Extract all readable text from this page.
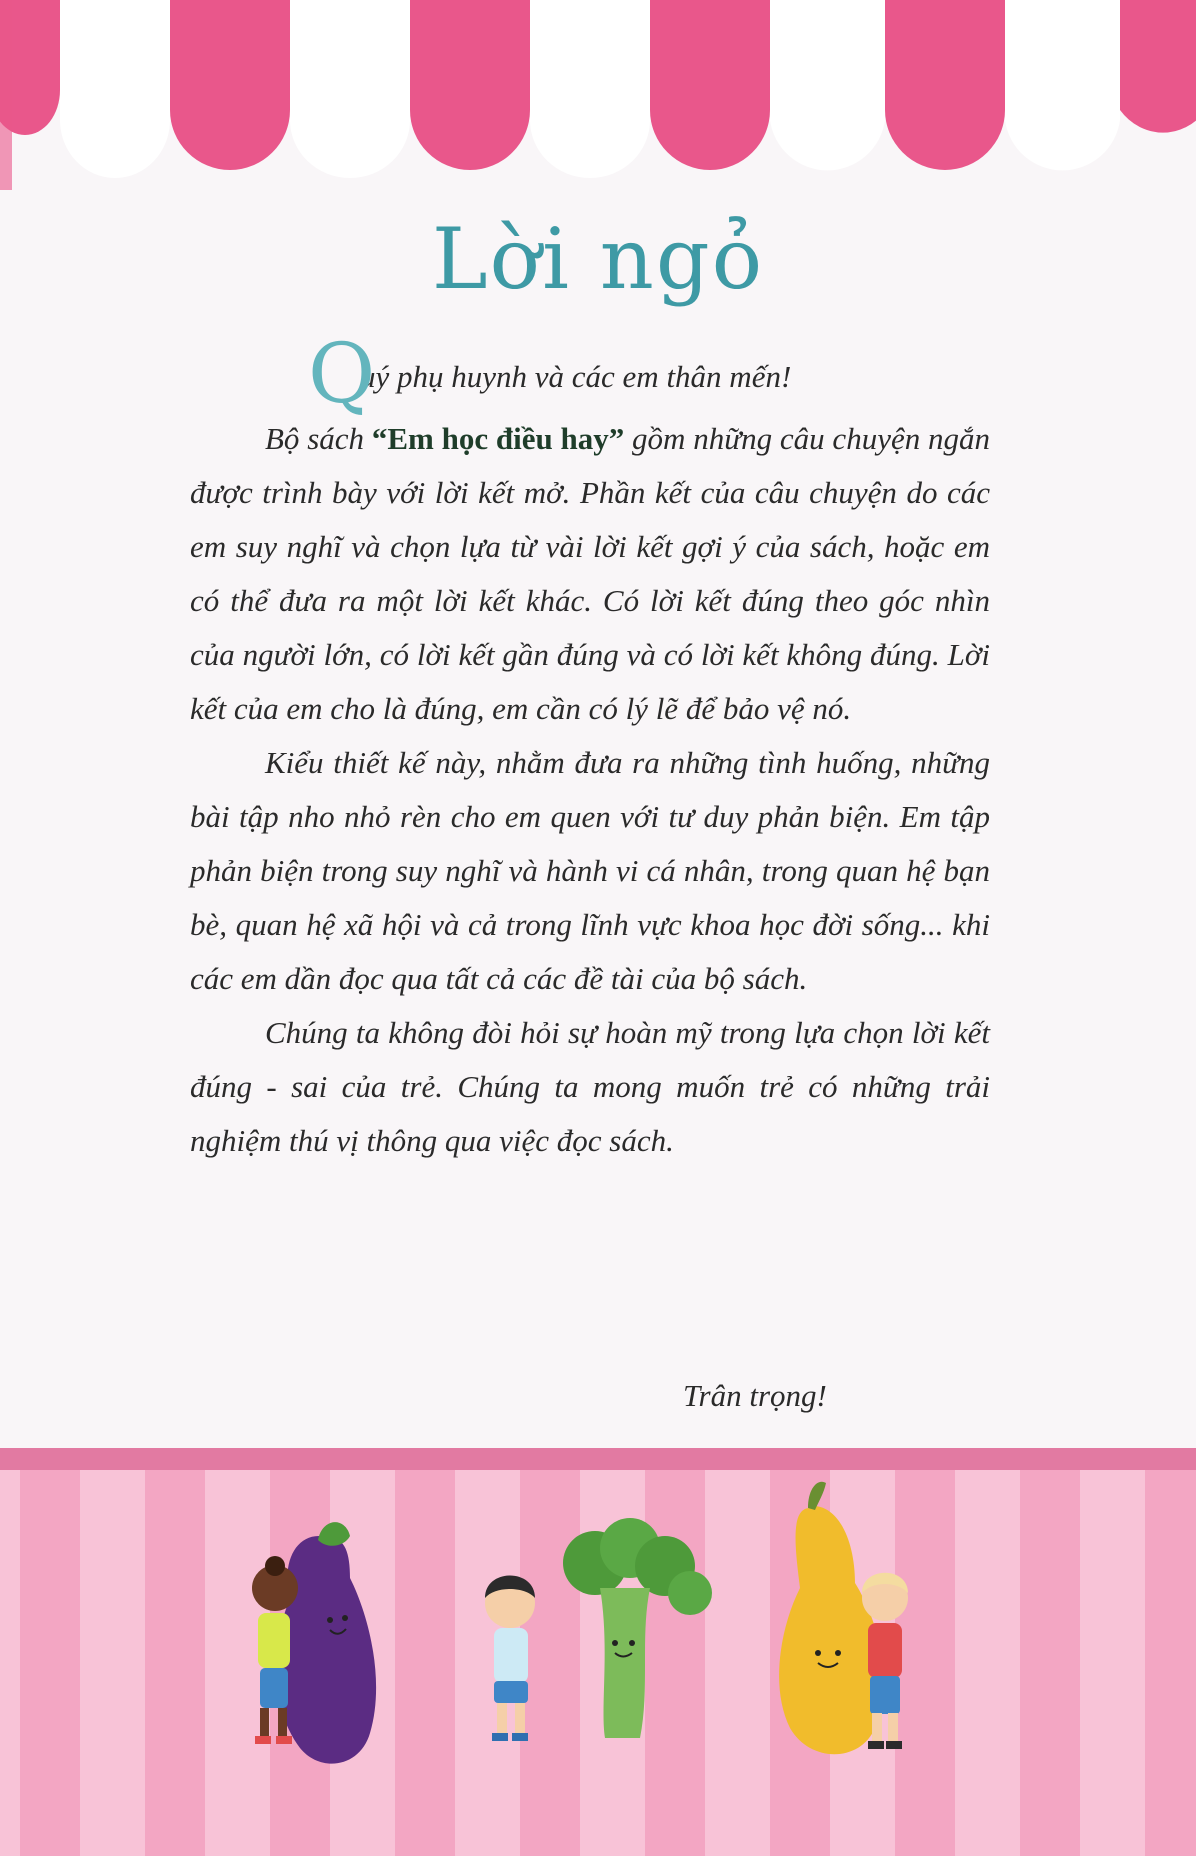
Lời ngỏ

Q
uý phụ huynh và các em thân mến!

Bộ sách “Em học điều hay” gồm những câu chuyện ngắn được trình bày với lời kết mở. Phần kết của câu chuyện do các em suy nghĩ và chọn lựa từ vài lời kết gợi ý của sách, hoặc em có thể đưa ra một lời kết khác. Có lời kết đúng theo góc nhìn của người lớn, có lời kết gần đúng và có lời kết không đúng. Lời kết của em cho là đúng, em cần có lý lẽ để bảo vệ nó.

Kiểu thiết kế này, nhằm đưa ra những tình huống, những bài tập nho nhỏ rèn cho em quen với tư duy phản biện. Em tập phản biện trong suy nghĩ và hành vi cá nhân, trong quan hệ bạn bè, quan hệ xã hội và cả trong lĩnh vực khoa học đời sống... khi các em dần đọc qua tất cả các đề tài của bộ sách.

Chúng ta không đòi hỏi sự hoàn mỹ trong lựa chọn lời kết đúng - sai của trẻ. Chúng ta mong muốn trẻ có những trải nghiệm thú vị thông qua việc đọc sách.

Trân trọng!
